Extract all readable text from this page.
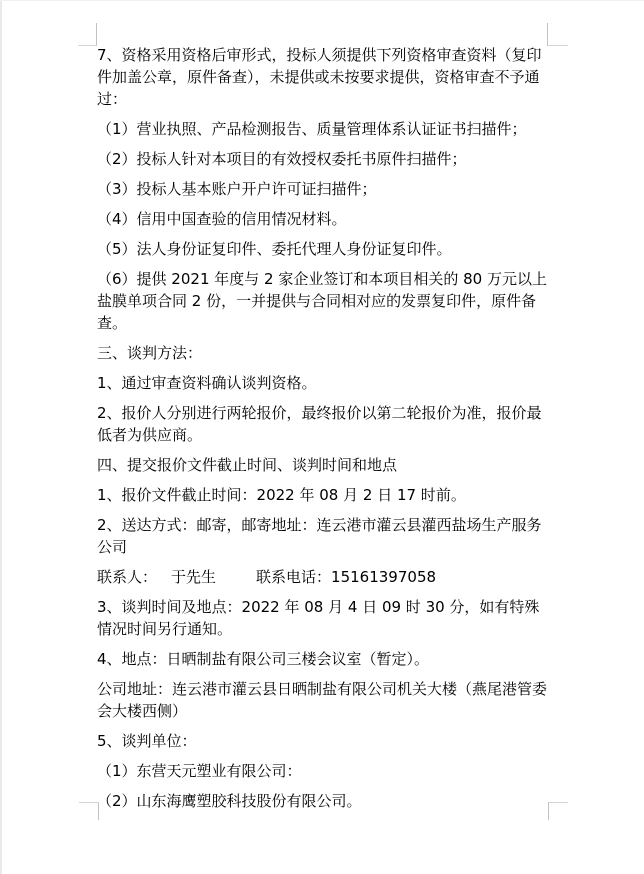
7、资格采用资格后审形式，投标人须提供下列资格审查资料（复印件加盖公章，原件备查），未提供或未按要求提供，资格审查不予通过：

（1）营业执照、产品检测报告、质量管理体系认证证书扫描件；

（2）投标人针对本项目的有效授权委托书原件扫描件；

（3）投标人基本账户开户许可证扫描件；

（4）信用中国查验的信用情况材料。

（5）法人身份证复印件、委托代理人身份证复印件。

（6）提供 2021 年度与 2 家企业签订和本项目相关的 80 万元以上盐膜单项合同 2 份，一并提供与合同相对应的发票复印件，原件备查。

三、谈判方法：

1、通过审查资料确认谈判资格。

2、报价人分别进行两轮报价，最终报价以第二轮报价为准，报价最低者为供应商。

四、提交报价文件截止时间、谈判时间和地点

1、报价文件截止时间：2022 年 08 月 2 日 17 时前。

2、送达方式：邮寄，邮寄地址：连云港市灌云县灌西盐场生产服务公司

联系人： 于先生	联系电话：15161397058

3、谈判时间及地点：2022 年 08 月 4 日 09 时 30 分，如有特殊情况时间另行通知。

4、地点：日晒制盐有限公司三楼会议室（暂定）。

公司地址：连云港市灌云县日晒制盐有限公司机关大楼（燕尾港管委会大楼西侧）

5、谈判单位：

（1）东营天元塑业有限公司：

（2）山东海鹰塑胶科技股份有限公司。
